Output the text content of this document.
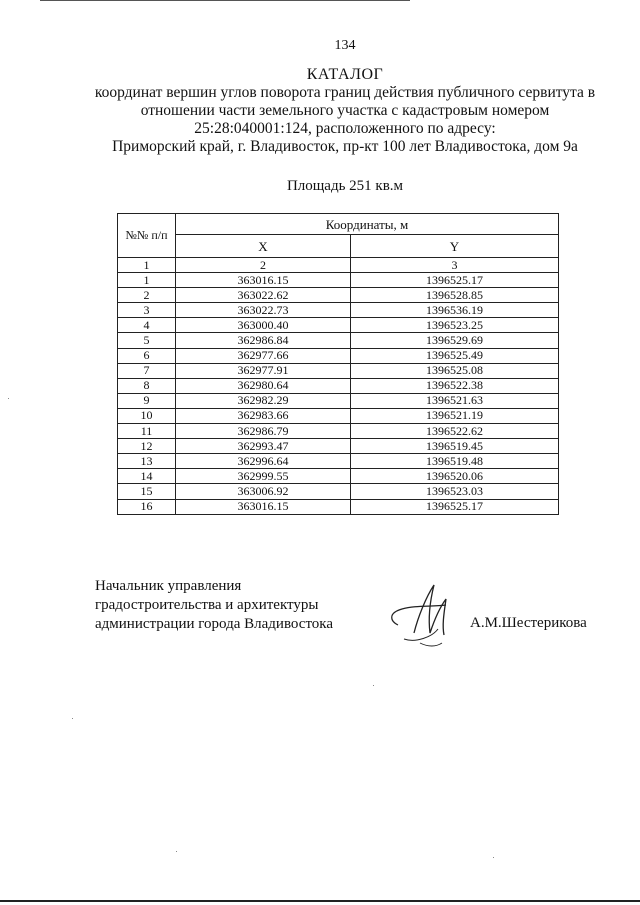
134
КАТАЛОГ
координат вершин углов поворота границ действия публичного сервитута в
отношении части земельного участка с кадастровым номером
25:28:040001:124, расположенного по адресу:
Приморский край, г. Владивосток, пр-кт 100 лет Владивостока, дом 9а
Площадь 251 кв.м
№№ п/п	Координаты, м	
	X	Y
1	2	3
1	363016.15	1396525.17
2	363022.62	1396528.85
3	363022.73	1396536.19
4	363000.40	1396523.25
5	362986.84	1396529.69
6	362977.66	1396525.49
7	362977.91	1396525.08
8	362980.64	1396522.38
9	362982.29	1396521.63
10	362983.66	1396521.19
11	362986.79	1396522.62
12	362993.47	1396519.45
13	362996.64	1396519.48
14	362999.55	1396520.06
15	363006.92	1396523.03
16	363016.15	1396525.17
Начальник управления
градостроительства и архитектуры
администрации города Владивостока	А.М.Шестерикова
